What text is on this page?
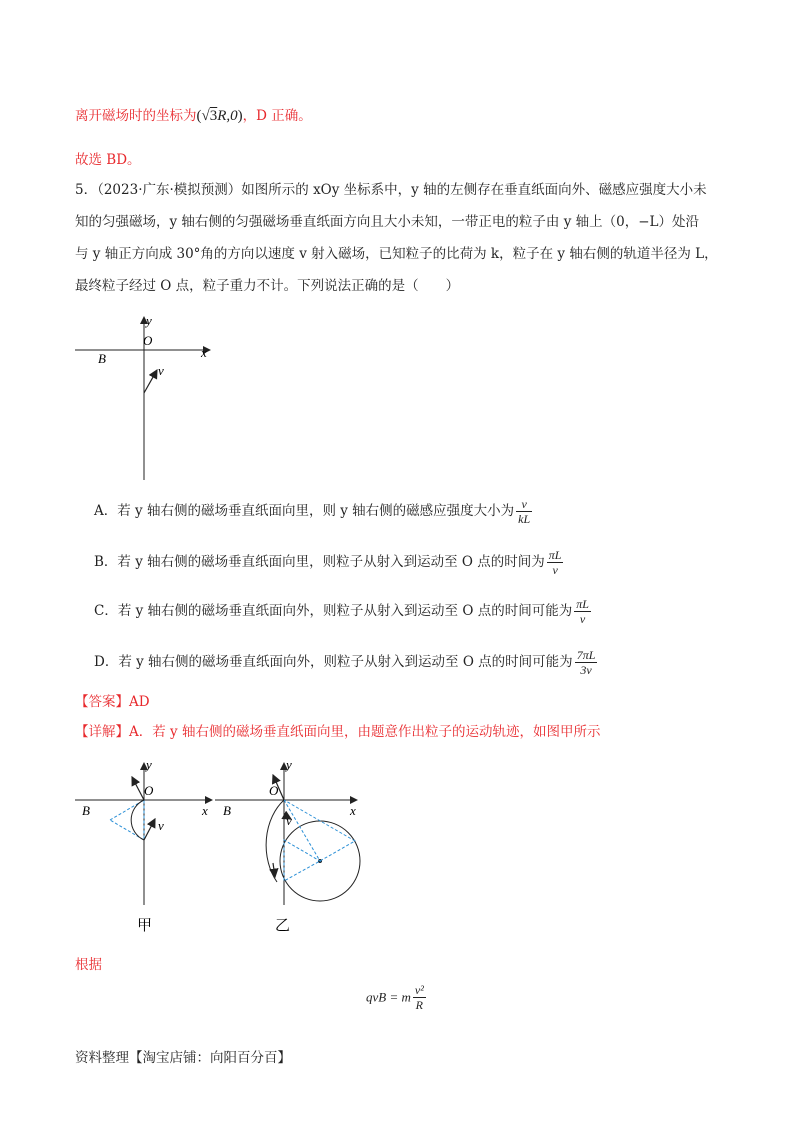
离开磁场时的坐标为(√3R,0)，D 正确。
故选 BD。
5．（2023·广东·模拟预测）如图所示的 xOy 坐标系中，y 轴的左侧存在垂直纸面向外、磁感应强度大小未
知的匀强磁场，y 轴右侧的匀强磁场垂直纸面方向且大小未知，一带正电的粒子由 y 轴上（0，−L）处沿
与 y 轴正方向成 30°角的方向以速度 v 射入磁场，已知粒子的比荷为 k，粒子在 y 轴右侧的轨道半径为 L，
最终粒子经过 O 点，粒子重力不计。下列说法正确的是（　　）
y
x
O
B
v
A．若 y 轴右侧的磁场垂直纸面向里，则 y 轴右侧的磁感应强度大小为 $\frac{v}{kL}$
B．若 y 轴右侧的磁场垂直纸面向里，则粒子从射入到运动至 O 点的时间为 $\frac{\pi L}{v}$
C．若 y 轴右侧的磁场垂直纸面向外，则粒子从射入到运动至 O 点的时间可能为 $\frac{\pi L}{v}$
D．若 y 轴右侧的磁场垂直纸面向外，则粒子从射入到运动至 O 点的时间可能为 $\frac{7\pi L}{3v}$
【答案】AD
【详解】A．若 y 轴右侧的磁场垂直纸面向里，由题意作出粒子的运动轨迹，如图甲所示
y
x
O
B
v
甲
y
x
O
B
v
乙
根据
qvB = m $\frac{\text{v²}}{R}$
资料整理【淘宝店铺：向阳百分百】
